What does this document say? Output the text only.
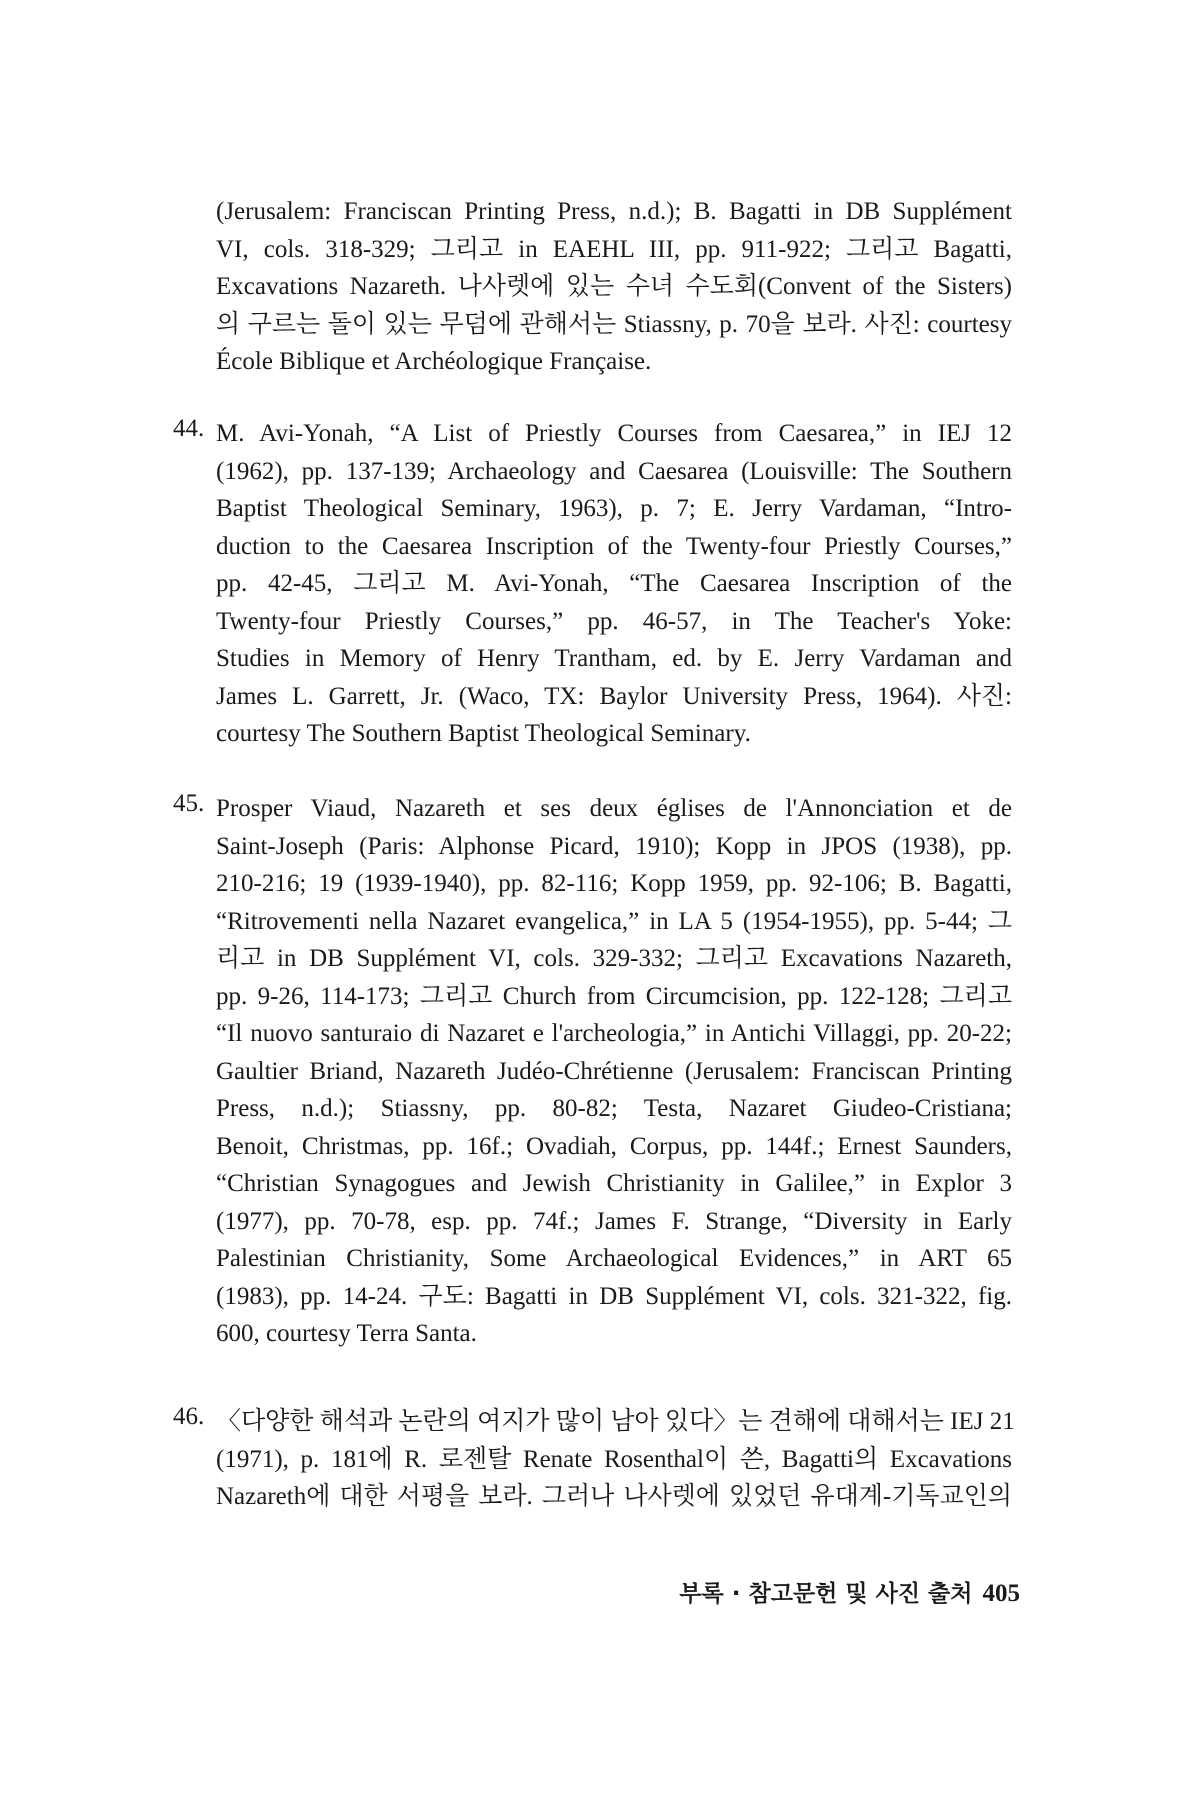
(Jerusalem: Franciscan Printing Press, n.d.); B. Bagatti in DB Supplément
VI, cols. 318-329; 그리고 in EAEHL III, pp. 911-922; 그리고 Bagatti,
Excavations Nazareth. 나사렛에 있는 수녀 수도회(Convent of the Sisters)
의 구르는 돌이 있는 무덤에 관해서는 Stiassny, p. 70을 보라. 사진: courtesy
École Biblique et Archéologique Française.
44. M. Avi-Yonah, “A List of Priestly Courses from Caesarea,” in IEJ 12
(1962), pp. 137-139; Archaeology and Caesarea (Louisville: The Southern
Baptist Theological Seminary, 1963), p. 7; E. Jerry Vardaman, “Intro-
duction to the Caesarea Inscription of the Twenty-four Priestly Courses,”
pp. 42-45, 그리고 M. Avi-Yonah, “The Caesarea Inscription of the
Twenty-four Priestly Courses,” pp. 46-57, in The Teacher's Yoke:
Studies in Memory of Henry Trantham, ed. by E. Jerry Vardaman and
James L. Garrett, Jr. (Waco, TX: Baylor University Press, 1964). 사진:
courtesy The Southern Baptist Theological Seminary.
45. Prosper Viaud, Nazareth et ses deux églises de l'Annonciation et de
Saint-Joseph (Paris: Alphonse Picard, 1910); Kopp in JPOS (1938), pp.
210-216; 19 (1939-1940), pp. 82-116; Kopp 1959, pp. 92-106; B. Bagatti,
“Ritrovementi nella Nazaret evangelica,” in LA 5 (1954-1955), pp. 5-44; 그
리고 in DB Supplément VI, cols. 329-332; 그리고 Excavations Nazareth,
pp. 9-26, 114-173; 그리고 Church from Circumcision, pp. 122-128; 그리고
“Il nuovo santuraio di Nazaret e l'archeologia,” in Antichi Villaggi, pp. 20-22;
Gaultier Briand, Nazareth Judéo-Chrétienne (Jerusalem: Franciscan Printing
Press, n.d.); Stiassny, pp. 80-82; Testa, Nazaret Giudeo-Cristiana;
Benoit, Christmas, pp. 16f.; Ovadiah, Corpus, pp. 144f.; Ernest Saunders,
“Christian Synagogues and Jewish Christianity in Galilee,” in Explor 3
(1977), pp. 70-78, esp. pp. 74f.; James F. Strange, “Diversity in Early
Palestinian Christianity, Some Archaeological Evidences,” in ART 65
(1983), pp. 14-24. 구도: Bagatti in DB Supplément VI, cols. 321-322, fig.
600, courtesy Terra Santa.
46. 〈다양한 해석과 논란의 여지가 많이 남아 있다〉는 견해에 대해서는 IEJ 21
(1971), p. 181에 R. 로젠탈 Renate Rosenthal이 쓴, Bagatti의 Excavations
Nazareth에 대한 서평을 보라. 그러나 나사렛에 있었던 유대계-기독교인의
부록 · 참고문헌 및 사진 출처 405
